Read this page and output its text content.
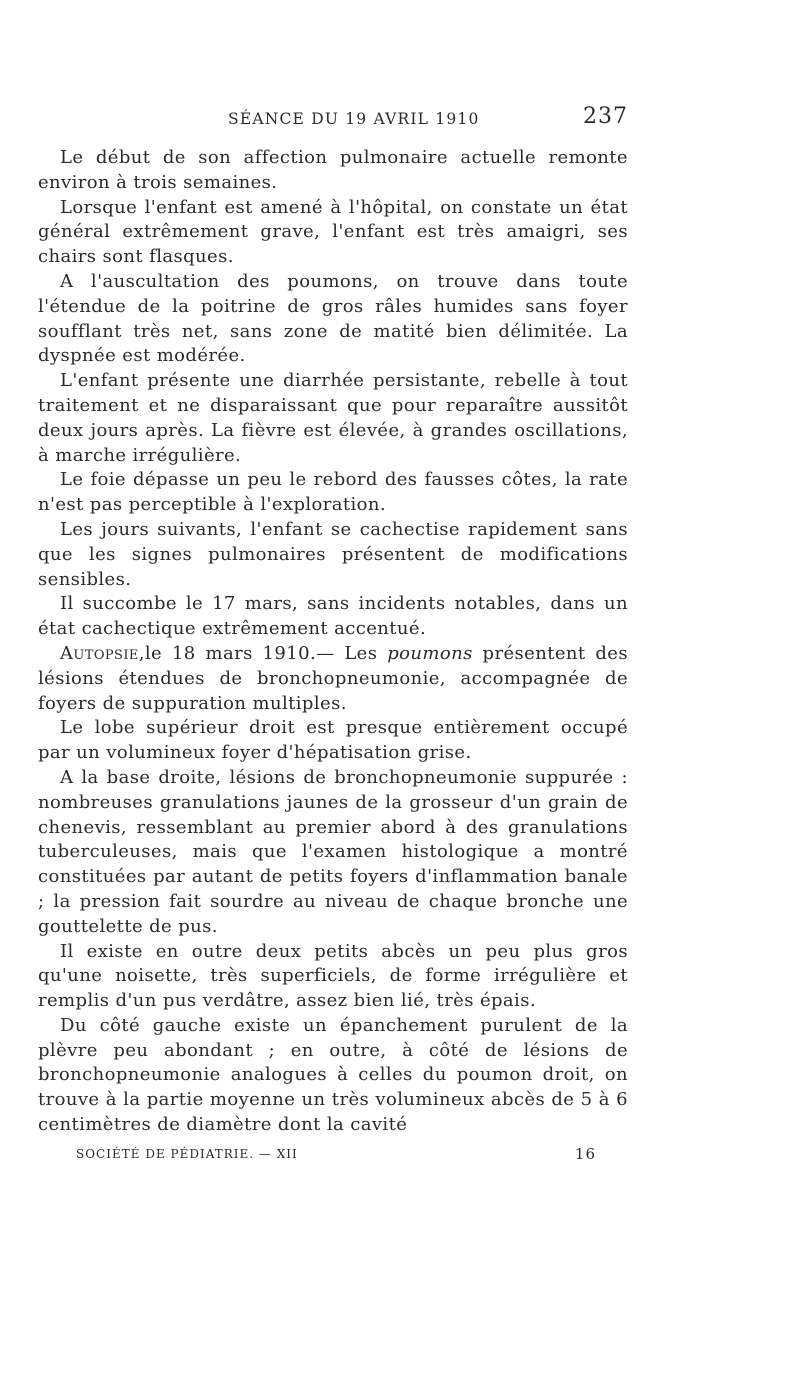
SÉANCE DU 19 AVRIL 1910	237

Le début de son affection pulmonaire actuelle remonte environ à trois semaines.

Lorsque l'enfant est amené à l'hôpital, on constate un état général extrêmement grave, l'enfant est très amaigri, ses chairs sont flasques.

A l'auscultation des poumons, on trouve dans toute l'étendue de la poitrine de gros râles humides sans foyer soufflant très net, sans zone de matité bien délimitée. La dyspnée est modérée.

L'enfant présente une diarrhée persistante, rebelle à tout traitement et ne disparaissant que pour reparaître aussitôt deux jours après. La fièvre est élevée, à grandes oscillations, à marche irrégulière.

Le foie dépasse un peu le rebord des fausses côtes, la rate n'est pas perceptible à l'exploration.

Les jours suivants, l'enfant se cachectise rapidement sans que les signes pulmonaires présentent de modifications sensibles.

Il succombe le 17 mars, sans incidents notables, dans un état cachectique extrêmement accentué.

Autopsie,le 18 mars 1910.— Les poumons présentent des lésions étendues de bronchopneumonie, accompagnée de foyers de suppuration multiples.

Le lobe supérieur droit est presque entièrement occupé par un volumineux foyer d'hépatisation grise.

A la base droite, lésions de bronchopneumonie suppurée : nombreuses granulations jaunes de la grosseur d'un grain de chenevis, ressemblant au premier abord à des granulations tuberculeuses, mais que l'examen histologique a montré constituées par autant de petits foyers d'inflammation banale ; la pression fait sourdre au niveau de chaque bronche une gouttelette de pus.

Il existe en outre deux petits abcès un peu plus gros qu'une noisette, très superficiels, de forme irrégulière et remplis d'un pus verdâtre, assez bien lié, très épais.

Du côté gauche existe un épanchement purulent de la plèvre peu abondant ; en outre, à côté de lésions de bronchopneumonie analogues à celles du poumon droit, on trouve à la partie moyenne un très volumineux abcès de 5 à 6 centimètres de diamètre dont la cavité

SOCIÉTÉ DE PÉDIATRIE. — XII	16
